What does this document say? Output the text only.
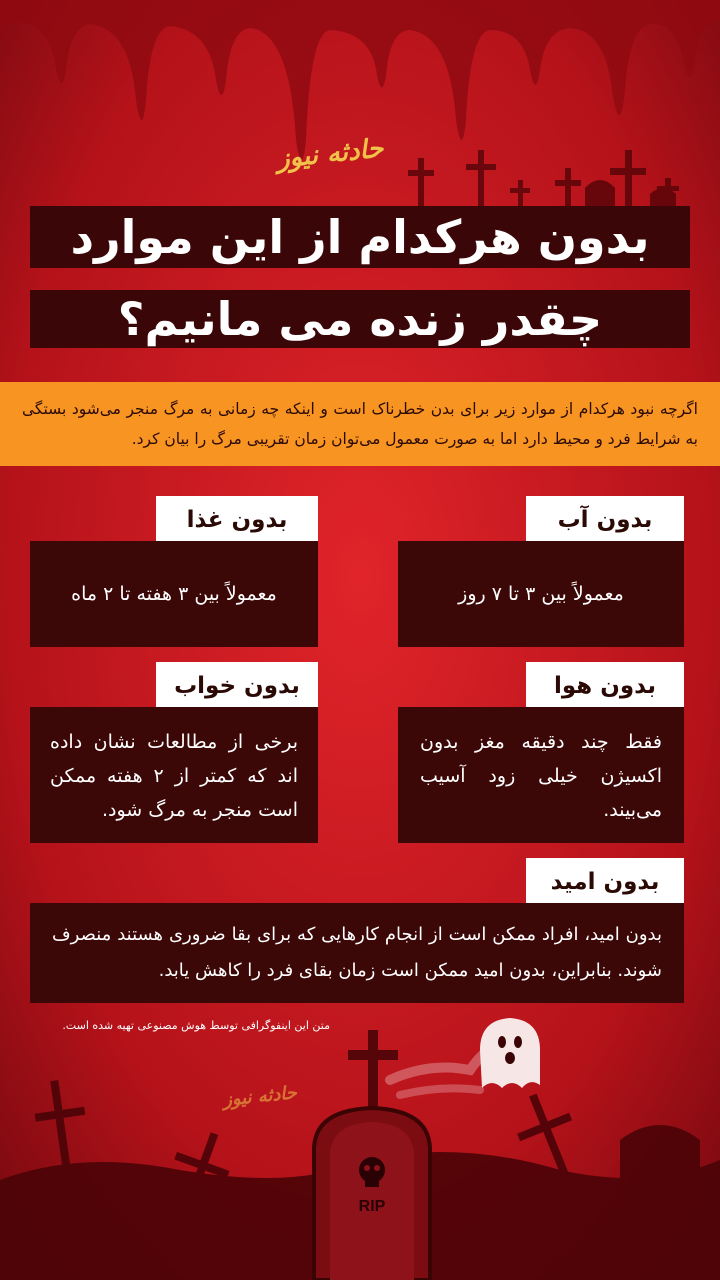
حادثه نیوز
بدون هرکدام از این موارد
چقدر زنده می مانیم؟
اگرچه نبود هرکدام از موارد زیر برای بدن خطرناک است و اینکه چه زمانی به مرگ منجر می‌شود بستگی به شرایط فرد و محیط دارد اما به صورت معمول می‌توان زمان تقریبی مرگ را بیان کرد.
بدون آب
معمولاً بین ۳ تا ۷ روز
بدون غذا
معمولاً بین ۳ هفته تا ۲ ماه
بدون هوا
فقط چند دقیقه مغز بدون اکسیژن خیلی زود آسیب می‌بیند.
بدون خواب
برخی از مطالعات نشان داده اند که کمتر از ۲ هفته ممکن است منجر به مرگ شود.
بدون امید
بدون امید، افراد ممکن است از انجام کارهایی که برای بقا ضروری هستند منصرف شوند. بنابراین، بدون امید ممکن است زمان بقای فرد را کاهش یابد.
متن این اینفوگرافی توسط هوش مصنوعی تهیه شده است.
حادثه نیوز
RIP
